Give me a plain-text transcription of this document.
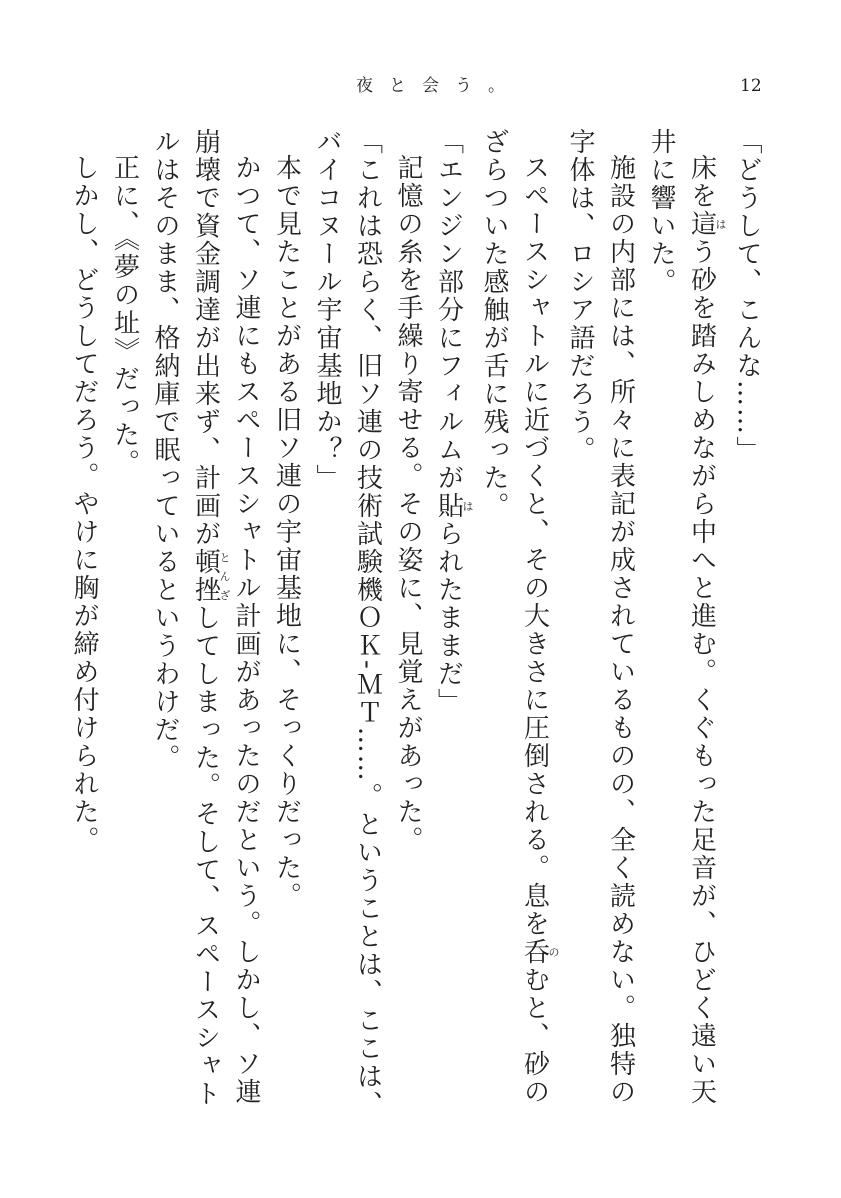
夜と会う。	12

「どうして、こんな……」

床を這はう砂を踏みしめながら中へと進む。くぐもった足音が、ひどく遠い天井に響いた。

施設の内部には、所々に表記が成されているものの、全く読めない。独特の字体は、ロシア語だろう。

スペースシャトルに近づくと、その大きさに圧倒される。息を呑のむと、砂のざらついた感触が舌に残った。

「エンジン部分にフィルムが貼はられたままだ」

記憶の糸を手繰り寄せる。その姿に、見覚えがあった。

「これは恐らく、旧ソ連の技術試験機ＯＫ‐ＭＴ……。ということは、ここは、バイコヌール宇宙基地か？」

本で見たことがある旧ソ連の宇宙基地に、そっくりだった。

かつて、ソ連にもスペースシャトル計画があったのだという。しかし、ソ連崩壊で資金調達が出来ず、計画が頓挫とんざしてしまった。そして、スペースシャトルはそのまま、格納庫で眠っているというわけだ。

正に、《夢の址》だった。

しかし、どうしてだろう。やけに胸が締め付けられた。
